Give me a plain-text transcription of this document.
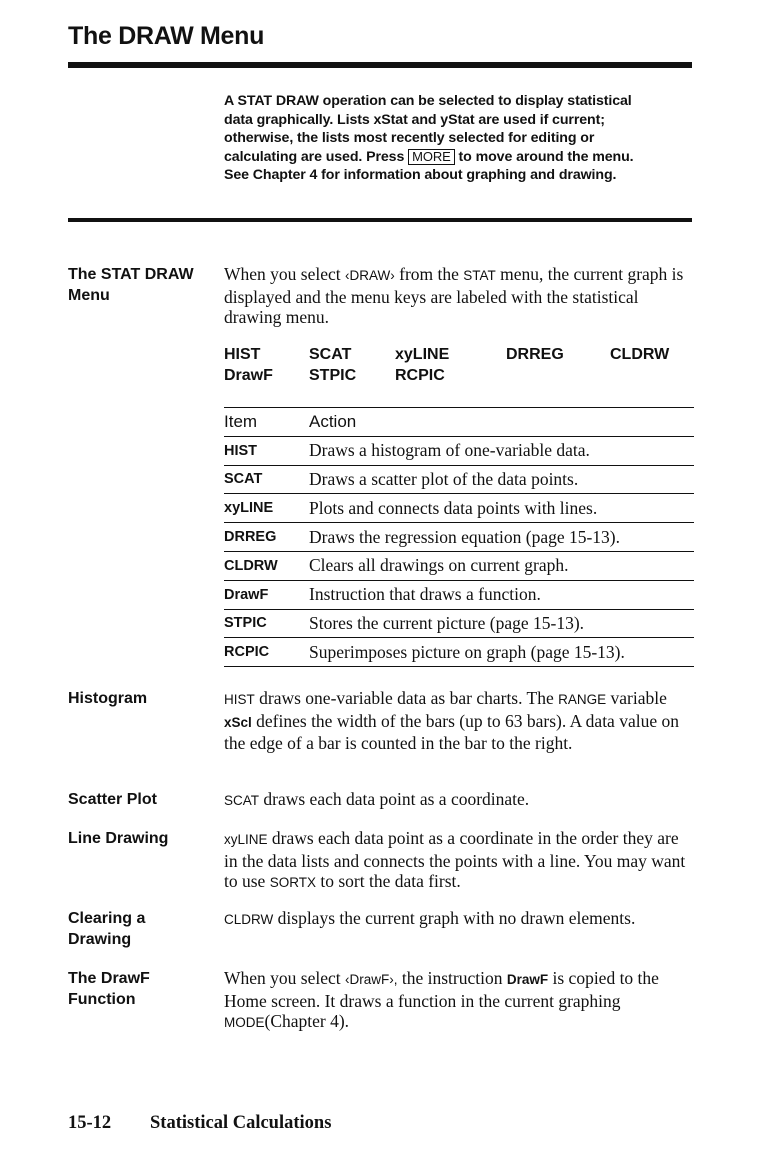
The DRAW Menu
A STAT DRAW operation can be selected to display statistical
data graphically. Lists xStat and yStat are used if current;
otherwise, the lists most recently selected for editing or
calculating are used. Press MORE to move around the menu.
See Chapter 4 for information about graphing and drawing.
The STAT DRAW
Menu
When you select ‹DRAW› from the STAT menu, the current graph is displayed and the menu keys are labeled with the statistical drawing menu.
HIST	SCAT	xyLINE	DRREG	CLDRW
DrawF STPIC RCPIC
Item	Action
HIST	Draws a histogram of one-variable data.
SCAT	Draws a scatter plot of the data points.
xyLINE	Plots and connects data points with lines.
DRREG	Draws the regression equation (page 15-13).
CLDRW	Clears all drawings on current graph.
DrawF	Instruction that draws a function.
STPIC	Stores the current picture (page 15-13).
RCPIC	Superimposes picture on graph (page 15-13).
Histogram	HIST draws one-variable data as bar charts. The RANGE variable xScl defines the width of the bars (up to 63 bars). A data value on the edge of a bar is counted in the bar to the right.
Scatter Plot	SCAT draws each data point as a coordinate.
Line Drawing	xyLINE draws each data point as a coordinate in the order they are in the data lists and connects the points with a line. You may want to use SORTX to sort the data first.
Clearing a
Drawing
CLDRW displays the current graph with no drawn elements.
The DrawF
Function
When you select ‹DrawF›, the instruction DrawF is copied to the Home screen. It draws a function in the current graphing MODE(Chapter 4).
15-12 Statistical Calculations
